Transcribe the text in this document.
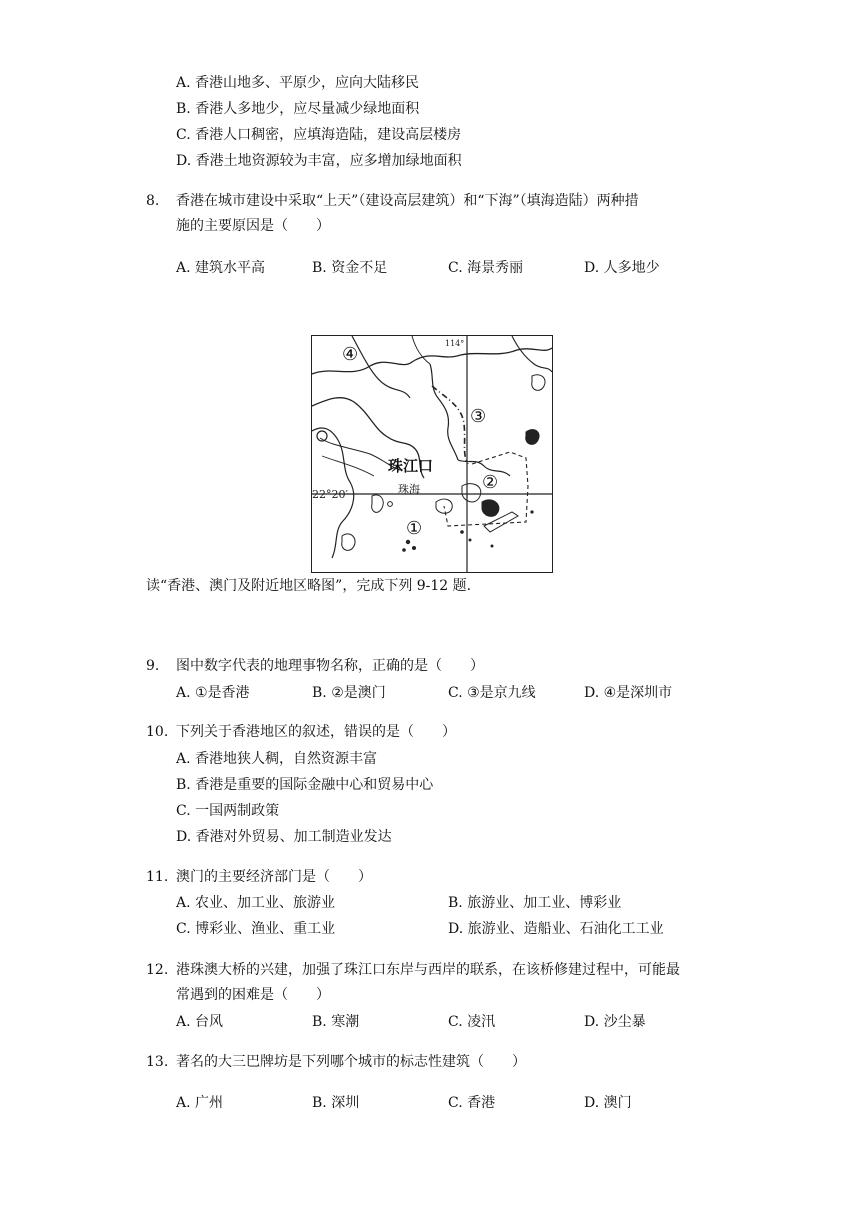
A. 香港山地多、平原少，应向大陆移民
B. 香港人多地少，应尽量减少绿地面积
C. 香港人口稠密，应填海造陆，建设高层楼房
D. 香港土地资源较为丰富，应多增加绿地面积
8. 香港在城市建设中采取“上天”（建设高层建筑）和“下海”（填海造陆）两种措
施的主要原因是（　　）
A. 建筑水平高	B. 资金不足	C. 海景秀丽	D. 人多地少
114°
22°20′
珠江口
珠海
④
③
②
①
读“香港、澳门及附近地区略图”，完成下列 9-12 题.
9. 图中数字代表的地理事物名称，正确的是（　　）
A. ①是香港	B. ②是澳门	C. ③是京九线	D. ④是深圳市
10. 下列关于香港地区的叙述，错误的是（　　）
A. 香港地狭人稠，自然资源丰富
B. 香港是重要的国际金融中心和贸易中心
C. 一国两制政策
D. 香港对外贸易、加工制造业发达
11. 澳门的主要经济部门是（　　）
A. 农业、加工业、旅游业	B. 旅游业、加工业、博彩业
C. 博彩业、渔业、重工业	D. 旅游业、造船业、石油化工工业
12. 港珠澳大桥的兴建，加强了珠江口东岸与西岸的联系，在该桥修建过程中，可能最
常遇到的困难是（　　）
A. 台风	B. 寒潮	C. 凌汛	D. 沙尘暴
13. 著名的大三巴牌坊是下列哪个城市的标志性建筑（　　）
A. 广州	B. 深圳	C. 香港	D. 澳门
